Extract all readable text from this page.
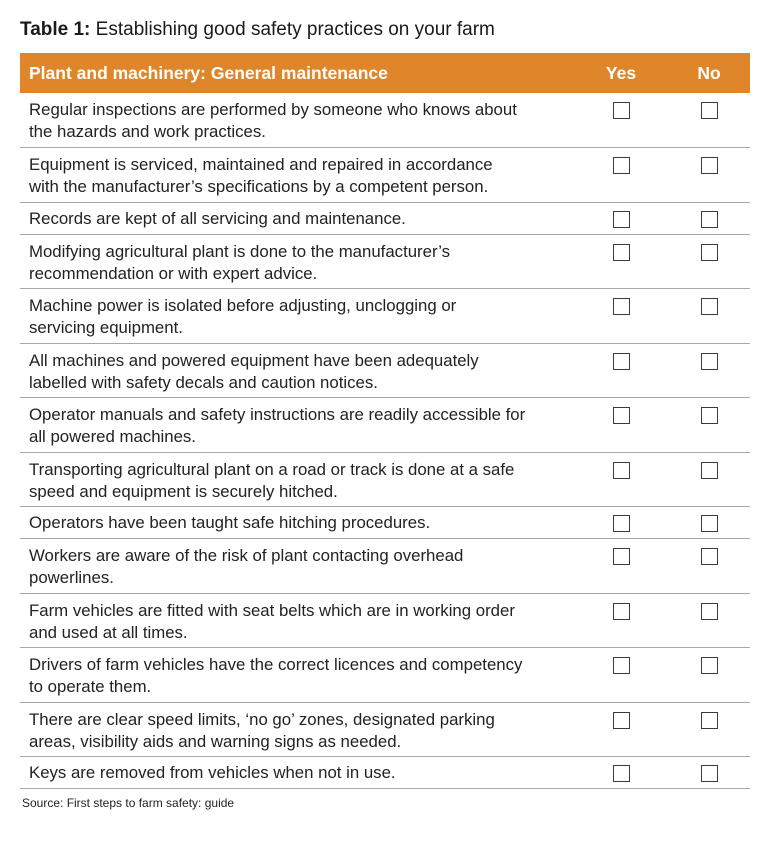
Table 1: Establishing good safety practices on your farm
Plant and machinery: General maintenance	Yes	No
Regular inspections are performed by someone who knows about
the hazards and work practices.		
Equipment is serviced, maintained and repaired in accordance
with the manufacturer’s specifications by a competent person.		
Records are kept of all servicing and maintenance.		
Modifying agricultural plant is done to the manufacturer’s
recommendation or with expert advice.		
Machine power is isolated before adjusting, unclogging or
servicing equipment.		
All machines and powered equipment have been adequately
labelled with safety decals and caution notices.		
Operator manuals and safety instructions are readily accessible for
all powered machines.		
Transporting agricultural plant on a road or track is done at a safe
speed and equipment is securely hitched.		
Operators have been taught safe hitching procedures.		
Workers are aware of the risk of plant contacting overhead
powerlines.		
Farm vehicles are fitted with seat belts which are in working order
and used at all times.		
Drivers of farm vehicles have the correct licences and competency
to operate them.		
There are clear speed limits, ‘no go’ zones, designated parking
areas, visibility aids and warning signs as needed.		
Keys are removed from vehicles when not in use.		
Source: First steps to farm safety: guide
